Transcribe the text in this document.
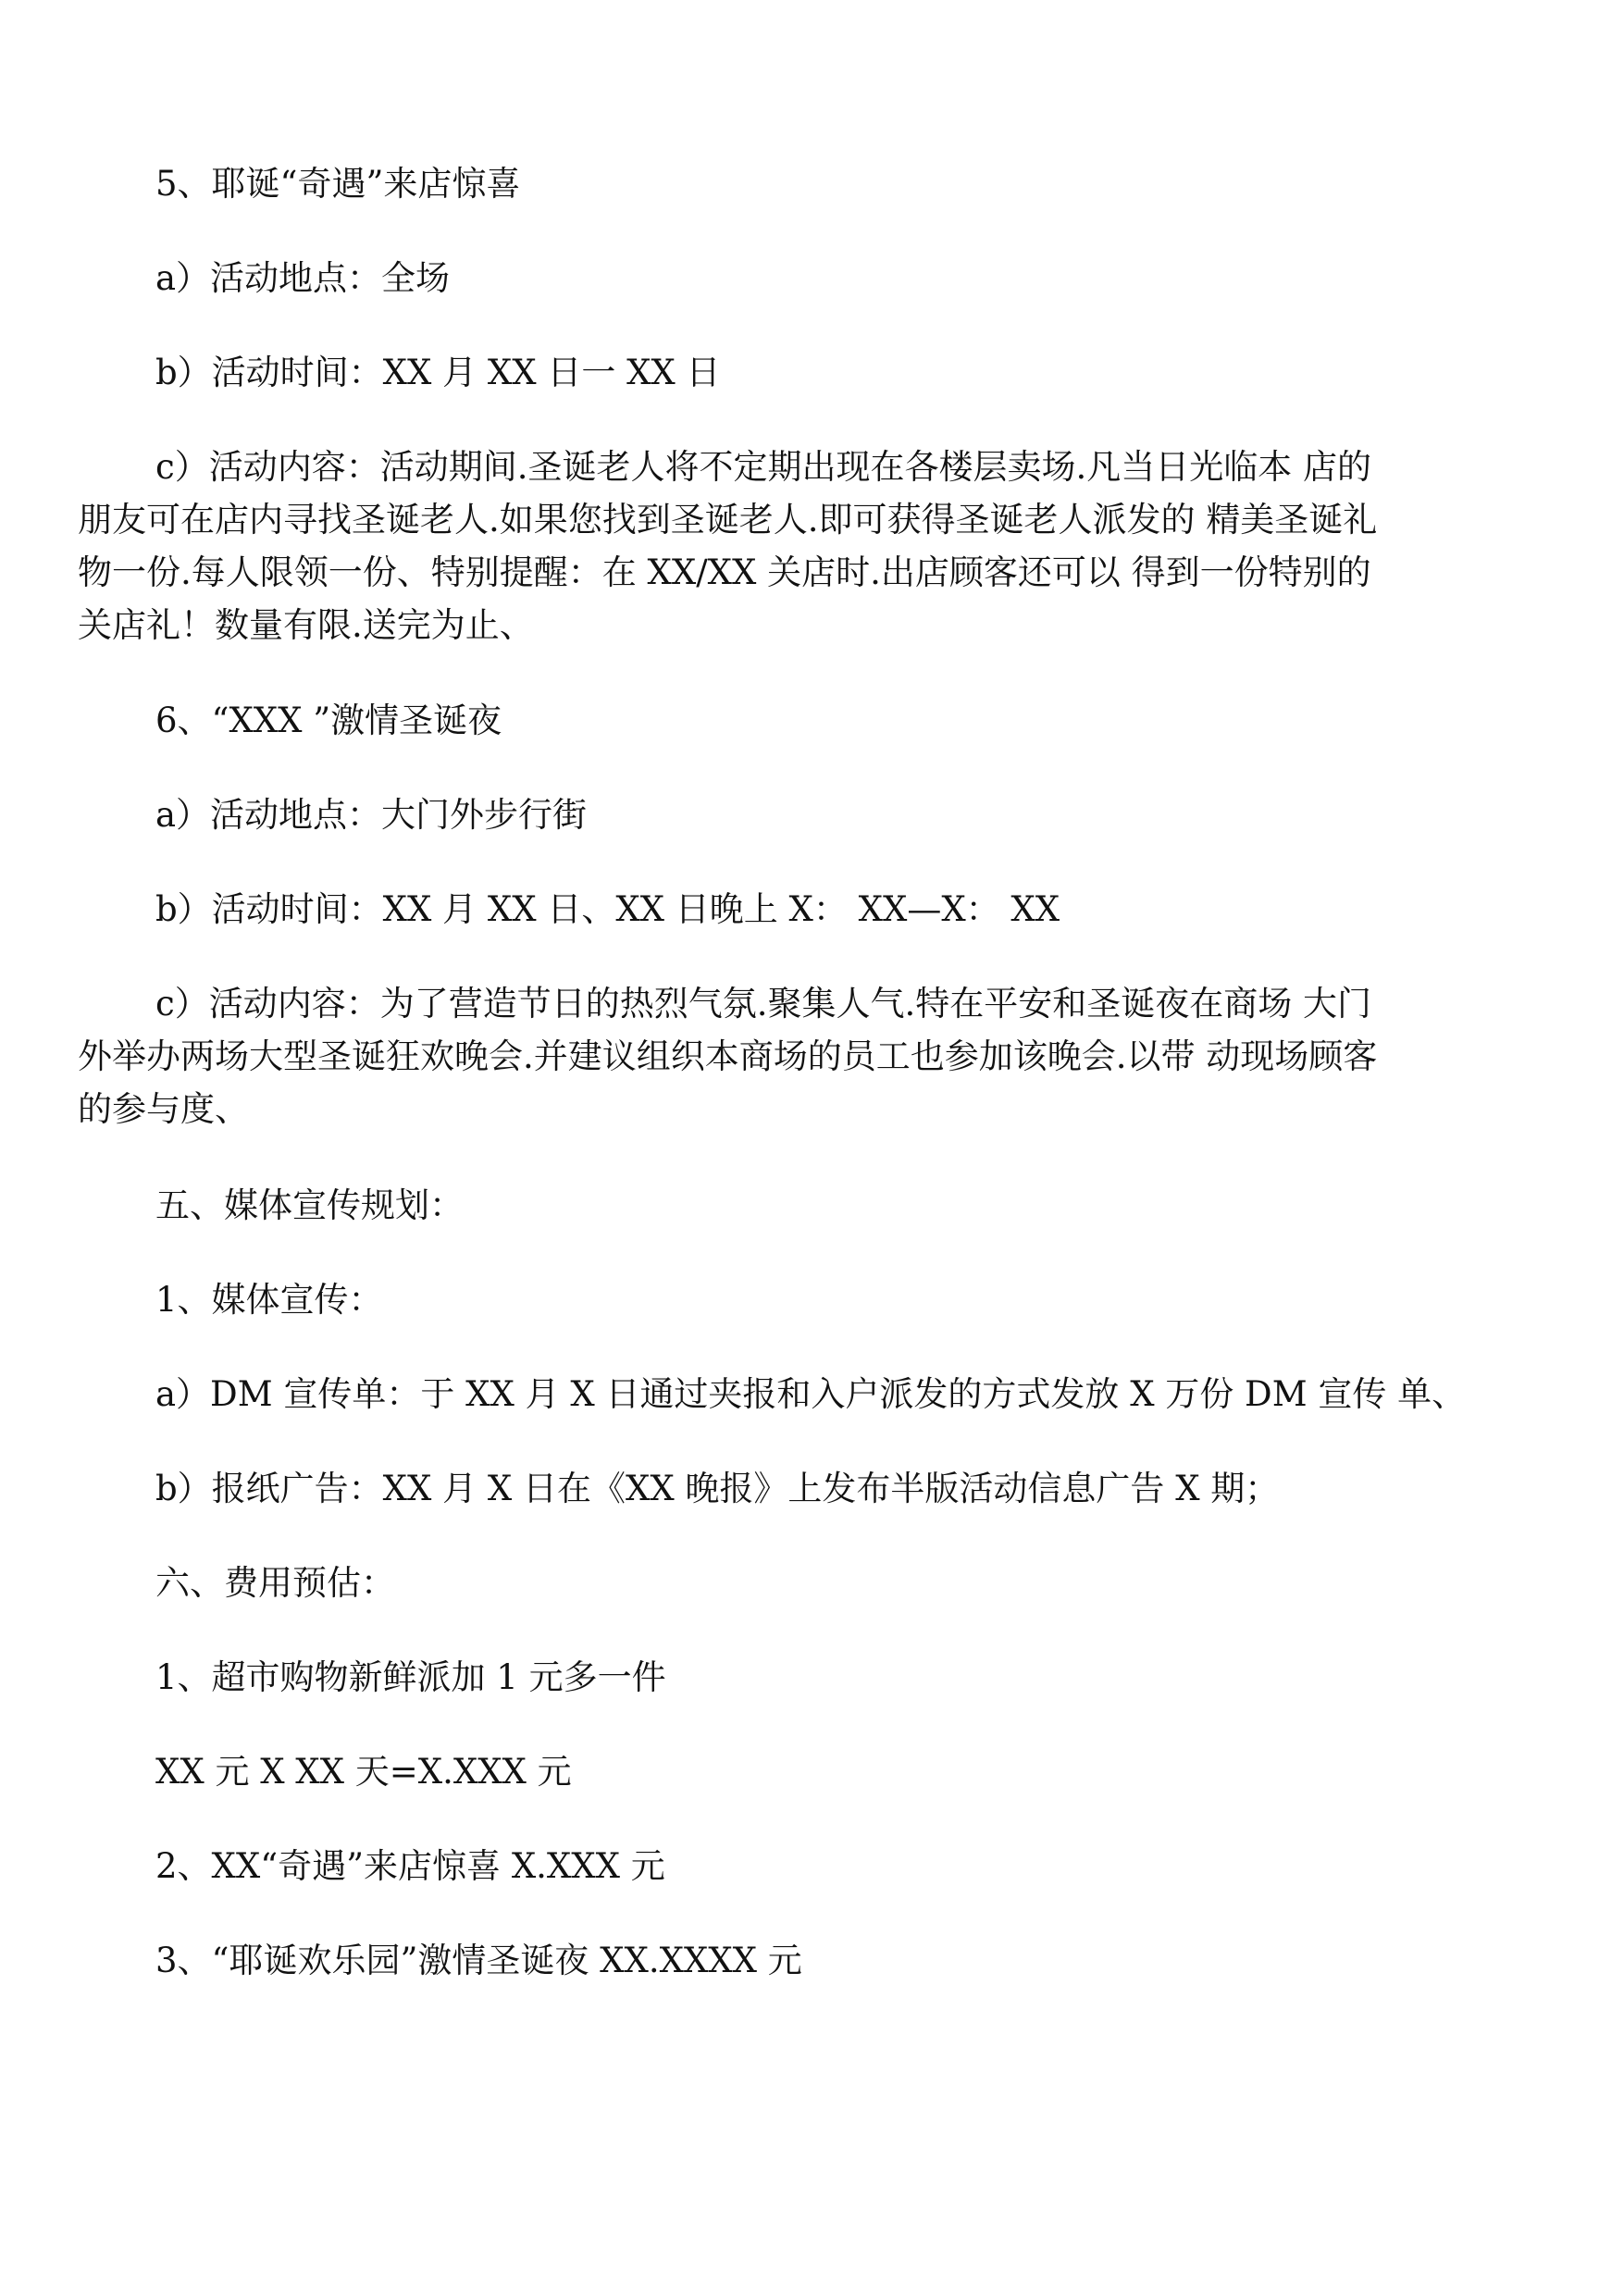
5、耶诞“奇遇”来店惊喜

a）活动地点：全场

b）活动时间：XX 月 XX 日一 XX 日

c）活动内容：活动期间.圣诞老人将不定期出现在各楼层卖场.凡当日光临本 店的
朋友可在店内寻找圣诞老人.如果您找到圣诞老人.即可获得圣诞老人派发的 精美圣诞礼
物一份.每人限领一份、特别提醒：在 XX/XX 关店时.出店顾客还可以 得到一份特别的
关店礼！数量有限.送完为止、

6、“XXX ”激情圣诞夜

a）活动地点：大门外步行街

b）活动时间：XX 月 XX 日、XX 日晚上 X： XX—X： XX

c）活动内容：为了营造节日的热烈气氛.聚集人气.特在平安和圣诞夜在商场 大门
外举办两场大型圣诞狂欢晚会.并建议组织本商场的员工也参加该晚会.以带 动现场顾客
的参与度、

五、媒体宣传规划：

1、媒体宣传：

a）DM 宣传单：于 XX 月 X 日通过夹报和入户派发的方式发放 X 万份 DM 宣传 单、

b）报纸广告：XX 月 X 日在《XX 晚报》上发布半版活动信息广告 X 期；

六、费用预估：

1、超市购物新鲜派加 1 元多一件

XX 元 X XX 天=X.XXX 元

2、XX“奇遇”来店惊喜 X.XXX 元

3、“耶诞欢乐园”激情圣诞夜 XX.XXXX 元
